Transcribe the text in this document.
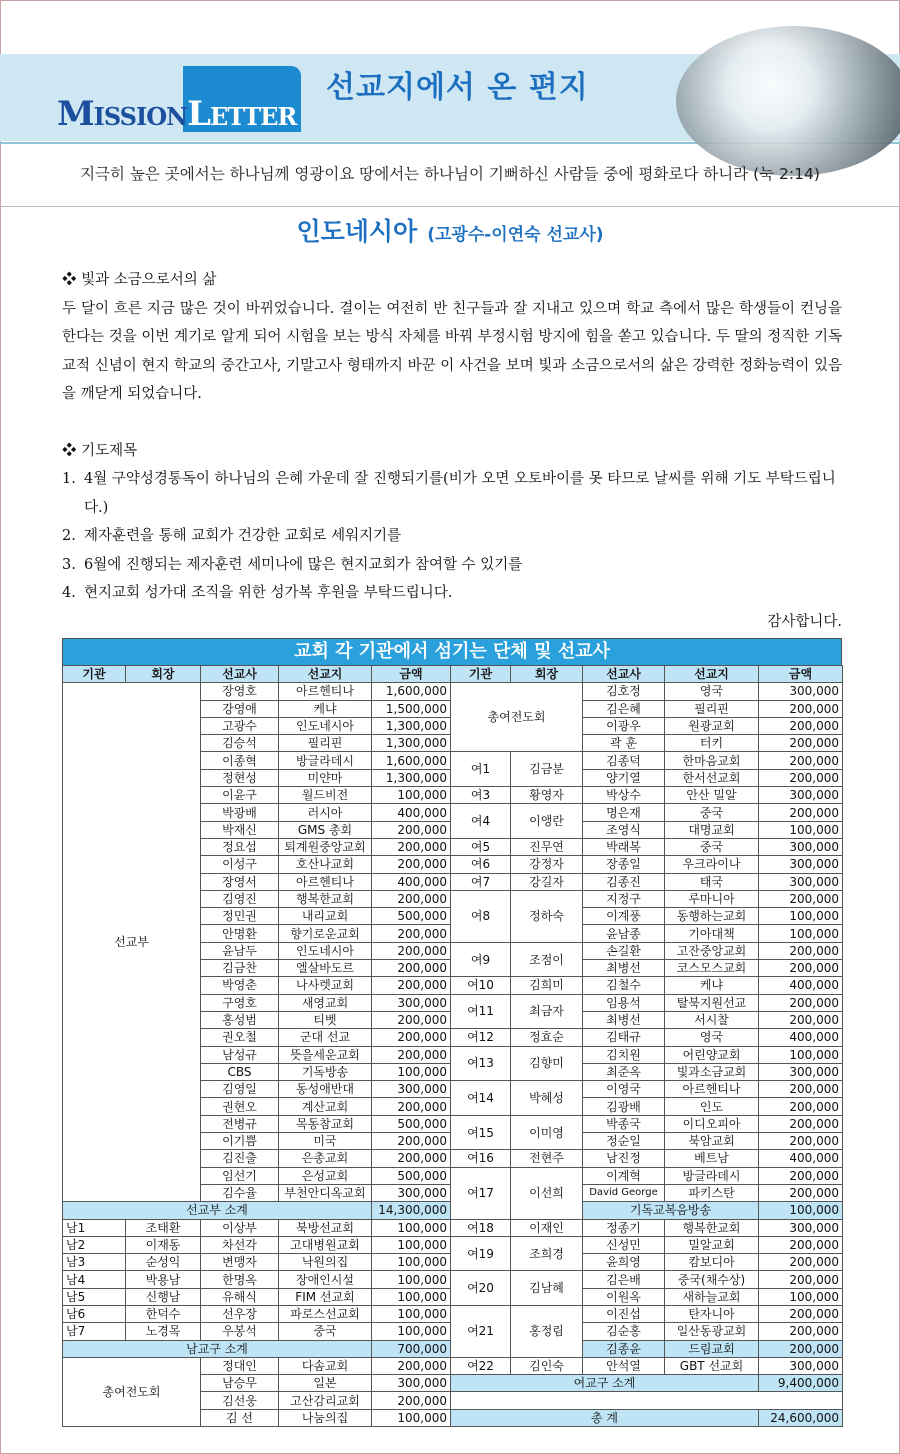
MISSIONLETTER
선교지에서 온 편지
지극히 높은 곳에서는 하나님께 영광이요 땅에서는 하나님이 기뻐하신 사람들 중에 평화로다 하니라 (눅 2:14)
인도네시아 (고광수-이연숙 선교사)

❖ 빛과 소금으로서의 삶

두 달이 흐른 지금 많은 것이 바뀌었습니다. 결이는 여전히 반 친구들과 잘 지내고 있으며 학교 측에서 많은 학생들이 컨닝을 한다는 것을 이번 계기로 알게 되어 시험을 보는 방식 자체를 바꿔 부정시험 방지에 힘을 쏟고 있습니다. 두 딸의 정직한 기독교적 신념이 현지 학교의 중간고사, 기말고사 형태까지 바꾼 이 사건을 보며 빛과 소금으로서의 삶은 강력한 정화능력이 있음을 깨닫게 되었습니다.

❖ 기도제목

1. 4월 구약성경통독이 하나님의 은혜 가운데 잘 진행되기를(비가 오면 오토바이를 못 타므로 날씨를 위해 기도 부탁드립니다.)
2. 제자훈련을 통해 교회가 건강한 교회로 세워지기를
3. 6월에 진행되는 제자훈련 세미나에 많은 현지교회가 참여할 수 있기를
4. 현지교회 성가대 조직을 위한 성가복 후원을 부탁드립니다.

감사합니다.

교회 각 기관에서 섬기는 단체 및 선교사
기관	회장	선교사	선교지	금액	기관	회장	선교사	선교지	금액
선교부		장영호	아르헨티나	1,600,000	총여전도회		김호정	영국	300,000
		강영애	케냐	1,500,000			김은혜	필리핀	200,000
		고광수	인도네시아	1,300,000			이광우	원광교회	200,000
		김승석	필리핀	1,300,000			곽 훈	터키	200,000
		이종혁	방글라데시	1,600,000	여1	김금분	김종덕	한마음교회	200,000
		정현성	미얀마	1,300,000			양기열	한서선교회	200,000
		이윤구	월드비전	100,000	여3	황영자	박상수	안산 밀알	300,000
		박광배	러시아	400,000	여4	이앵란	명은재	중국	200,000
		박재신	GMS 총회	200,000			조영식	대명교회	100,000
		정요섭	퇴계원중앙교회	200,000	여5	진무연	박래복	중국	300,000
		이성구	호산나교회	200,000	여6	강정자	장종일	우크라이나	300,000
		장영서	아르헨티나	400,000	여7	강길자	김종진	태국	300,000
		김영진	행복한교회	200,000	여8	정하숙	지정구	루마니아	200,000
		정민권	내리교회	500,000			이계풍	동행하는교회	100,000
		안명환	향기로운교회	200,000			윤남종	기아대책	100,000
		윤남두	인도네시아	200,000	여9	조점이	손길환	고잔중앙교회	200,000
		김금찬	엘살바도르	200,000			최병선	코스모스교회	200,000
		박영춘	나사렛교회	200,000	여10	김희미	김철수	케냐	400,000
		구영호	새영교회	300,000	여11	최금자	임용석	탈북지원선교	200,000
		홍성범	티벳	200,000			최병선	서시찰	200,000
		권오철	군대 선교	200,000	여12	정효순	김태규	영국	400,000
		남성규	뜻을세운교회	200,000	여13	김향미	김치원	어린양교회	100,000
		CBS	기독방송	100,000			최준옥	빛과소금교회	300,000
		김영일	동성애반대	300,000	여14	박혜성	이영국	아르헨티나	200,000
		권현오	계산교회	200,000			김광배	인도	200,000
		전병규	목동참교회	500,000	여15	이미영	박종국	이디오피아	200,000
		이기쁨	미국	200,000			정순일	북암교회	200,000
		김진출	은총교회	200,000	여16	전현주	남진정	베트남	400,000
		임선기	은성교회	500,000	여17	이선희	이계혁	방글라데시	200,000
		김수율	부천안디옥교회	300,000			David George	파키스탄	200,000
선교부 소계				14,300,000			기독교복음방송		100,000
남1	조태환	이상부	북방선교회	100,000	여18	이재인	정종기	행복한교회	300,000
남2	이재동	차선각	고대병원교회	100,000	여19	조희경	신성민	밀알교회	200,000
남3	순성익	변맹자	낙원의집	100,000			윤희영	캄보디아	200,000
남4	박용남	한명옥	장애인시설	100,000	여20	김남혜	김은배	중국(채수상)	200,000
남5	신행남	유해식	FIM 선교회	100,000			이원옥	새하늘교회	100,000
남6	한덕수	선우장	파로스선교회	100,000	여21	홍정림	이진섭	탄자니아	200,000
남7	노경목	우봉석	중국	100,000			김순홍	일산동광교회	200,000
남교구 소계				700,000			김종윤	드림교회	200,000
총여전도회		정대인	다솜교회	200,000	여22	김인숙	안석열	GBT 선교회	300,000
		남승무	일본	300,000	여교구 소계				9,400,000
		김선웅	고산감리교회	200,000					
		김 선	나눔의집	100,000	총 계				24,600,000
